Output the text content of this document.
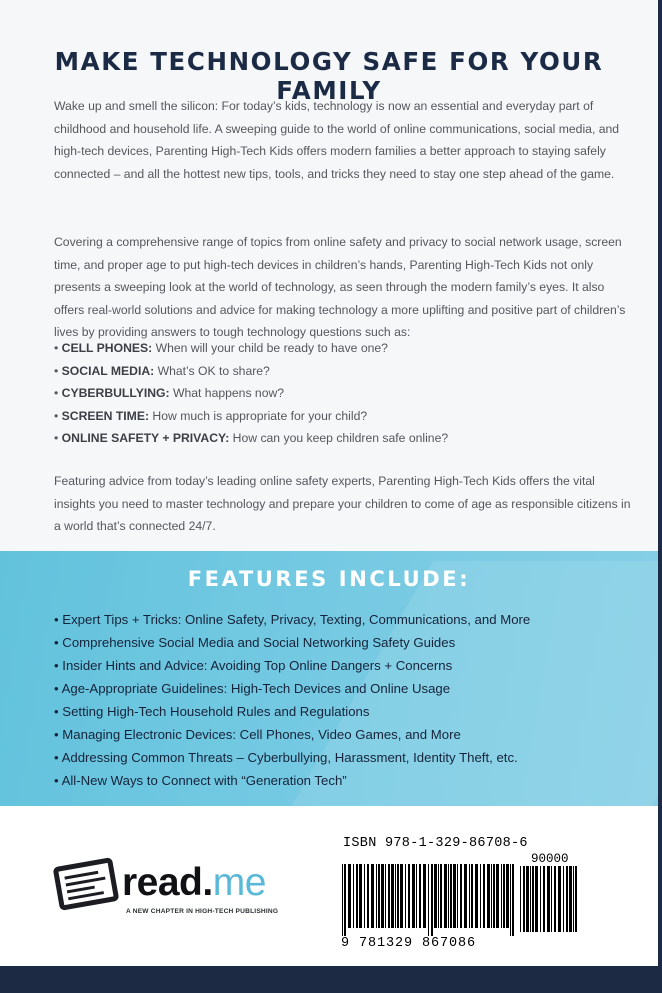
MAKE TECHNOLOGY SAFE FOR YOUR FAMILY

Wake up and smell the silicon: For today’s kids, technology is now an essential and everyday part of childhood and household life. A sweeping guide to the world of online communications, social media, and high-tech devices, Parenting High-Tech Kids offers modern families a better approach to staying safely connected – and all the hottest new tips, tools, and tricks they need to stay one step ahead of the game.

Covering a comprehensive range of topics from online safety and privacy to social network usage, screen time, and proper age to put high-tech devices in children’s hands, Parenting High-Tech Kids not only presents a sweeping look at the world of technology, as seen through the modern family’s eyes. It also offers real-world solutions and advice for making technology a more uplifting and positive part of children’s lives by providing answers to tough technology questions such as:

• CELL PHONES: When will your child be ready to have one?
• SOCIAL MEDIA: What’s OK to share?
• CYBERBULLYING: What happens now?
• SCREEN TIME: How much is appropriate for your child?
• ONLINE SAFETY + PRIVACY: How can you keep children safe online?

Featuring advice from today’s leading online safety experts, Parenting High-Tech Kids offers the vital insights you need to master technology and prepare your children to come of age as responsible citizens in a world that’s connected 24/7.

FEATURES INCLUDE:
• Expert Tips + Tricks: Online Safety, Privacy, Texting, Communications, and More
• Comprehensive Social Media and Social Networking Safety Guides
• Insider Hints and Advice: Avoiding Top Online Dangers + Concerns
• Age-Appropriate Guidelines: High-Tech Devices and Online Usage
• Setting High-Tech Household Rules and Regulations
• Managing Electronic Devices: Cell Phones, Video Games, and More
• Addressing Common Threats – Cyberbullying, Harassment, Identity Theft, etc.
• All-New Ways to Connect with “Generation Tech”
read.me
A NEW CHAPTER IN HIGH-TECH PUBLISHING
ISBN 978-1-329-86708-6
90000
9 781329 867086
